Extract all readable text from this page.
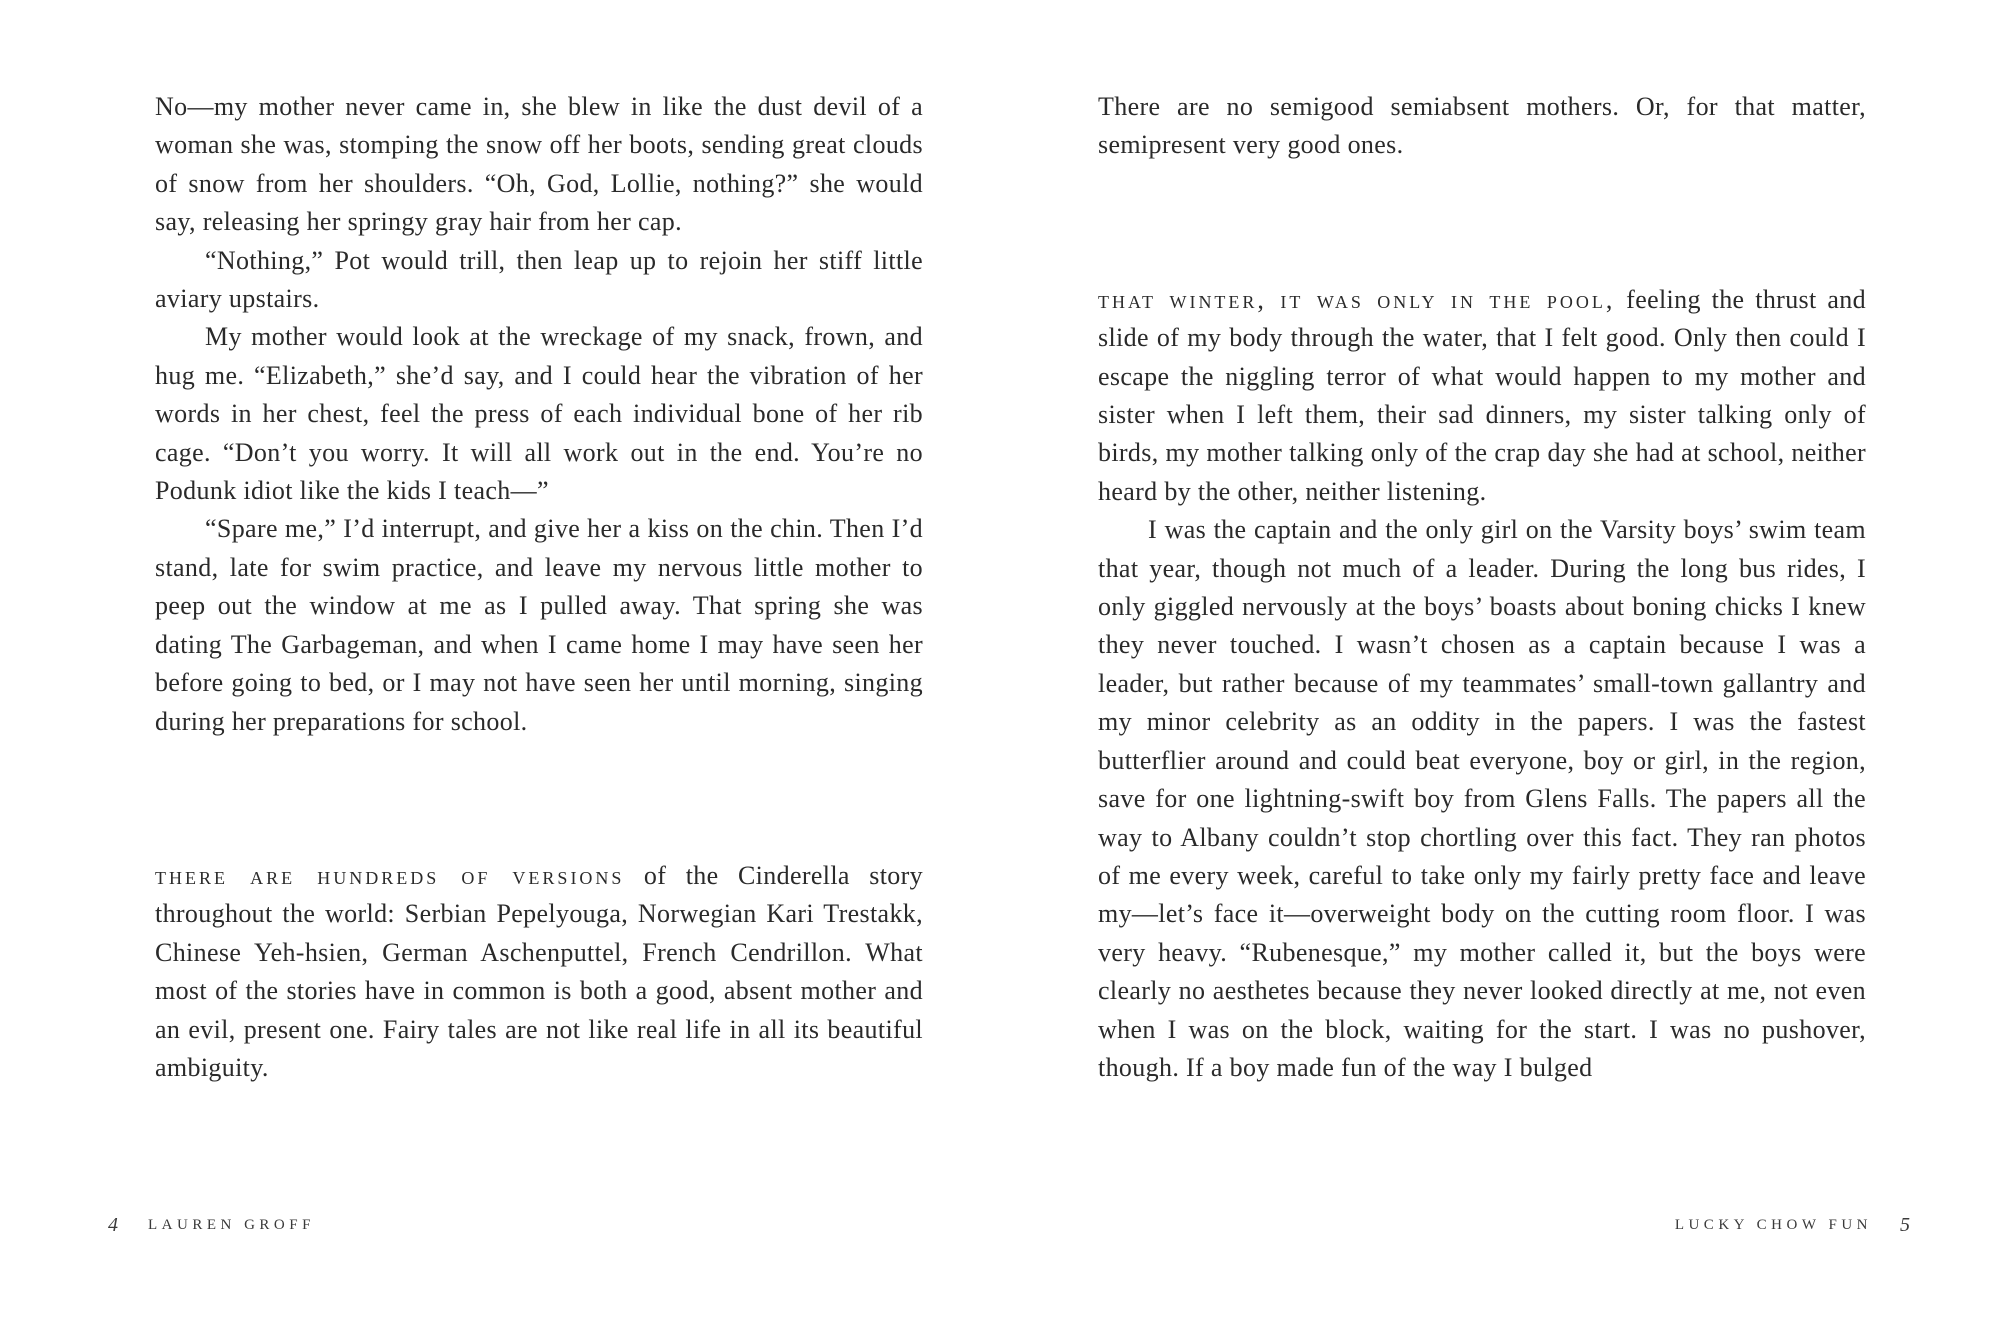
No—my mother never came in, she blew in like the dust devil of a woman she was, stomping the snow off her boots, sending great clouds of snow from her shoulders. “Oh, God, Lollie, nothing?” she would say, releasing her springy gray hair from her cap.

“Nothing,” Pot would trill, then leap up to rejoin her stiff little aviary upstairs.

My mother would look at the wreckage of my snack, frown, and hug me. “Elizabeth,” she’d say, and I could hear the vibration of her words in her chest, feel the press of each individual bone of her rib cage. “Don’t you worry. It will all work out in the end. You’re no Podunk idiot like the kids I teach—”

“Spare me,” I’d interrupt, and give her a kiss on the chin. Then I’d stand, late for swim practice, and leave my nervous little mother to peep out the window at me as I pulled away. That spring she was dating The Garbageman, and when I came home I may have seen her before going to bed, or I may not have seen her until morning, singing during her preparations for school.

there are hundreds of versions of the Cinderella story throughout the world: Serbian Pepelyouga, Norwegian Kari Trestakk, Chinese Yeh-hsien, German Aschenputtel, French Cendrillon. What most of the stories have in common is both a good, absent mother and an evil, present one. Fairy tales are not like real life in all its beautiful ambiguity.

There are no semigood semiabsent mothers. Or, for that matter, semipresent very good ones.

that winter, it was only in the pool, feeling the thrust and slide of my body through the water, that I felt good. Only then could I escape the niggling terror of what would happen to my mother and sister when I left them, their sad dinners, my sister talking only of birds, my mother talking only of the crap day she had at school, neither heard by the other, neither listening.

I was the captain and the only girl on the Varsity boys’ swim team that year, though not much of a leader. During the long bus rides, I only giggled nervously at the boys’ boasts about boning chicks I knew they never touched. I wasn’t chosen as a captain because I was a leader, but rather because of my teammates’ small-town gallantry and my minor celebrity as an oddity in the papers. I was the fastest butterflier around and could beat everyone, boy or girl, in the region, save for one lightning-swift boy from Glens Falls. The papers all the way to Albany couldn’t stop chortling over this fact. They ran photos of me every week, careful to take only my fairly pretty face and leave my—let’s face it—overweight body on the cutting room floor. I was very heavy. “Rubenesque,” my mother called it, but the boys were clearly no aesthetes because they never looked directly at me, not even when I was on the block, waiting for the start. I was no pushover, though. If a boy made fun of the way I bulged

4 LAUREN GROFF	LUCKY CHOW FUN 5
